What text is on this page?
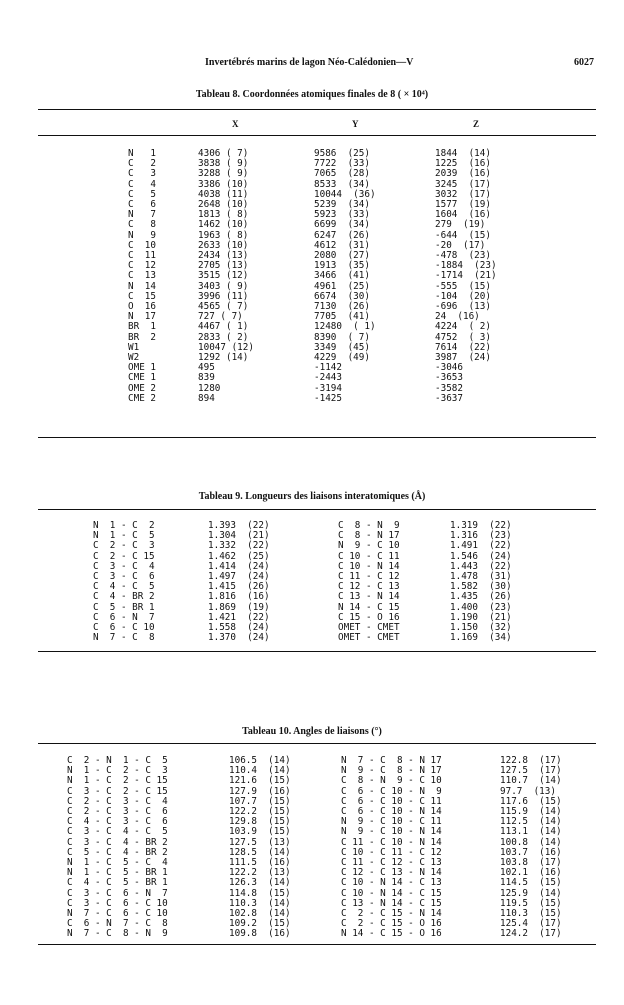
Invertébrés marins de lagon Néo-Calédonien—V	6027
Tableau 8. Coordonnées atomiques finales de 8 ( × 10⁴)
X	Y	Z
N   1	4306 ( 7)	9586  (25)	1844  (14)
C   2	3838 ( 9)	7722  (33)	1225  (16)
C   3	3288 ( 9)	7065  (28)	2039  (16)
C   4	3386 (10)	8533  (34)	3245  (17)
C   5	4038 (11)	10044  (36)	3032  (17)
C   6	2648 (10)	5239  (34)	1577  (19)
N   7	1813 ( 8)	5923  (33)	1604  (16)
C   8	1462 (10)	6699  (34)	279  (19)
N   9	1963 ( 8)	6247  (26)	-644  (15)
C  10	2633 (10)	4612  (31)	-20  (17)
C  11	2434 (13)	2080  (27)	-478  (23)
C  12	2705 (13)	1913  (35)	-1884  (23)
C  13	3515 (12)	3466  (41)	-1714  (21)
N  14	3403 ( 9)	4961  (25)	-555  (15)
C  15	3996 (11)	6674  (30)	-104  (20)
O  16	4565 ( 7)	7130  (26)	-696  (13)
N  17	727 ( 7)	7705  (41)	24  (16)
BR  1	4467 ( 1)	12480  ( 1)	4224  ( 2)
BR  2	2833 ( 2)	8390  ( 7)	4752  ( 3)
W1	10047 (12)	3349  (45)	7614  (22)
W2	1292 (14)	4229  (49)	3987  (24)
OME 1	495	-1142	-3046
CME 1	839	-2443	-3653
OME 2	1280	-3194	-3582
CME 2	894	-1425	-3637
Tableau 9. Longueurs des liaisons interatomiques (Å)
N  1 - C  2	1.393  (22)	C  8 - N  9	1.319  (22)
N  1 - C  5	1.304  (21)	C  8 - N 17	1.316  (23)
C  2 - C  3	1.332  (22)	N  9 - C 10	1.491  (22)
C  2 - C 15	1.462  (25)	C 10 - C 11	1.546  (24)
C  3 - C  4	1.414  (24)	C 10 - N 14	1.443  (22)
C  3 - C  6	1.497  (24)	C 11 - C 12	1.478  (31)
C  4 - C  5	1.415  (26)	C 12 - C 13	1.582  (30)
C  4 - BR 2	1.816  (16)	C 13 - N 14	1.435  (26)
C  5 - BR 1	1.869  (19)	N 14 - C 15	1.400  (23)
C  6 - N  7	1.421  (22)	C 15 - O 16	1.190  (21)
C  6 - C 10	1.558  (24)	OMET - CMET	1.150  (32)
N  7 - C  8	1.370  (24)	OMET - CMET	1.169  (34)
Tableau 10. Angles de liaisons (°)
C  2 - N  1 - C  5	106.5  (14)	N  7 - C  8 - N 17	122.8  (17)
N  1 - C  2 - C  3	110.4  (14)	N  9 - C  8 - N 17	127.5  (17)
N  1 - C  2 - C 15	121.6  (15)	C  8 - N  9 - C 10	110.7  (14)
C  3 - C  2 - C 15	127.9  (16)	C  6 - C 10 - N  9	97.7  (13)
C  2 - C  3 - C  4	107.7  (15)	C  6 - C 10 - C 11	117.6  (15)
C  2 - C  3 - C  6	122.2  (15)	C  6 - C 10 - N 14	115.9  (14)
C  4 - C  3 - C  6	129.8  (15)	N  9 - C 10 - C 11	112.5  (14)
C  3 - C  4 - C  5	103.9  (15)	N  9 - C 10 - N 14	113.1  (14)
C  3 - C  4 - BR 2	127.5  (13)	C 11 - C 10 - N 14	100.8  (14)
C  5 - C  4 - BR 2	128.5  (14)	C 10 - C 11 - C 12	103.7  (16)
N  1 - C  5 - C  4	111.5  (16)	C 11 - C 12 - C 13	103.8  (17)
N  1 - C  5 - BR 1	122.2  (13)	C 12 - C 13 - N 14	102.1  (16)
C  4 - C  5 - BR 1	126.3  (14)	C 10 - N 14 - C 13	114.5  (15)
C  3 - C  6 - N  7	114.8  (15)	C 10 - N 14 - C 15	125.9  (14)
C  3 - C  6 - C 10	110.3  (14)	C 13 - N 14 - C 15	119.5  (15)
N  7 - C  6 - C 10	102.8  (14)	C  2 - C 15 - N 14	110.3  (15)
C  6 - N  7 - C  8	109.2  (15)	C  2 - C 15 - O 16	125.4  (17)
N  7 - C  8 - N  9	109.8  (16)	N 14 - C 15 - O 16	124.2  (17)
